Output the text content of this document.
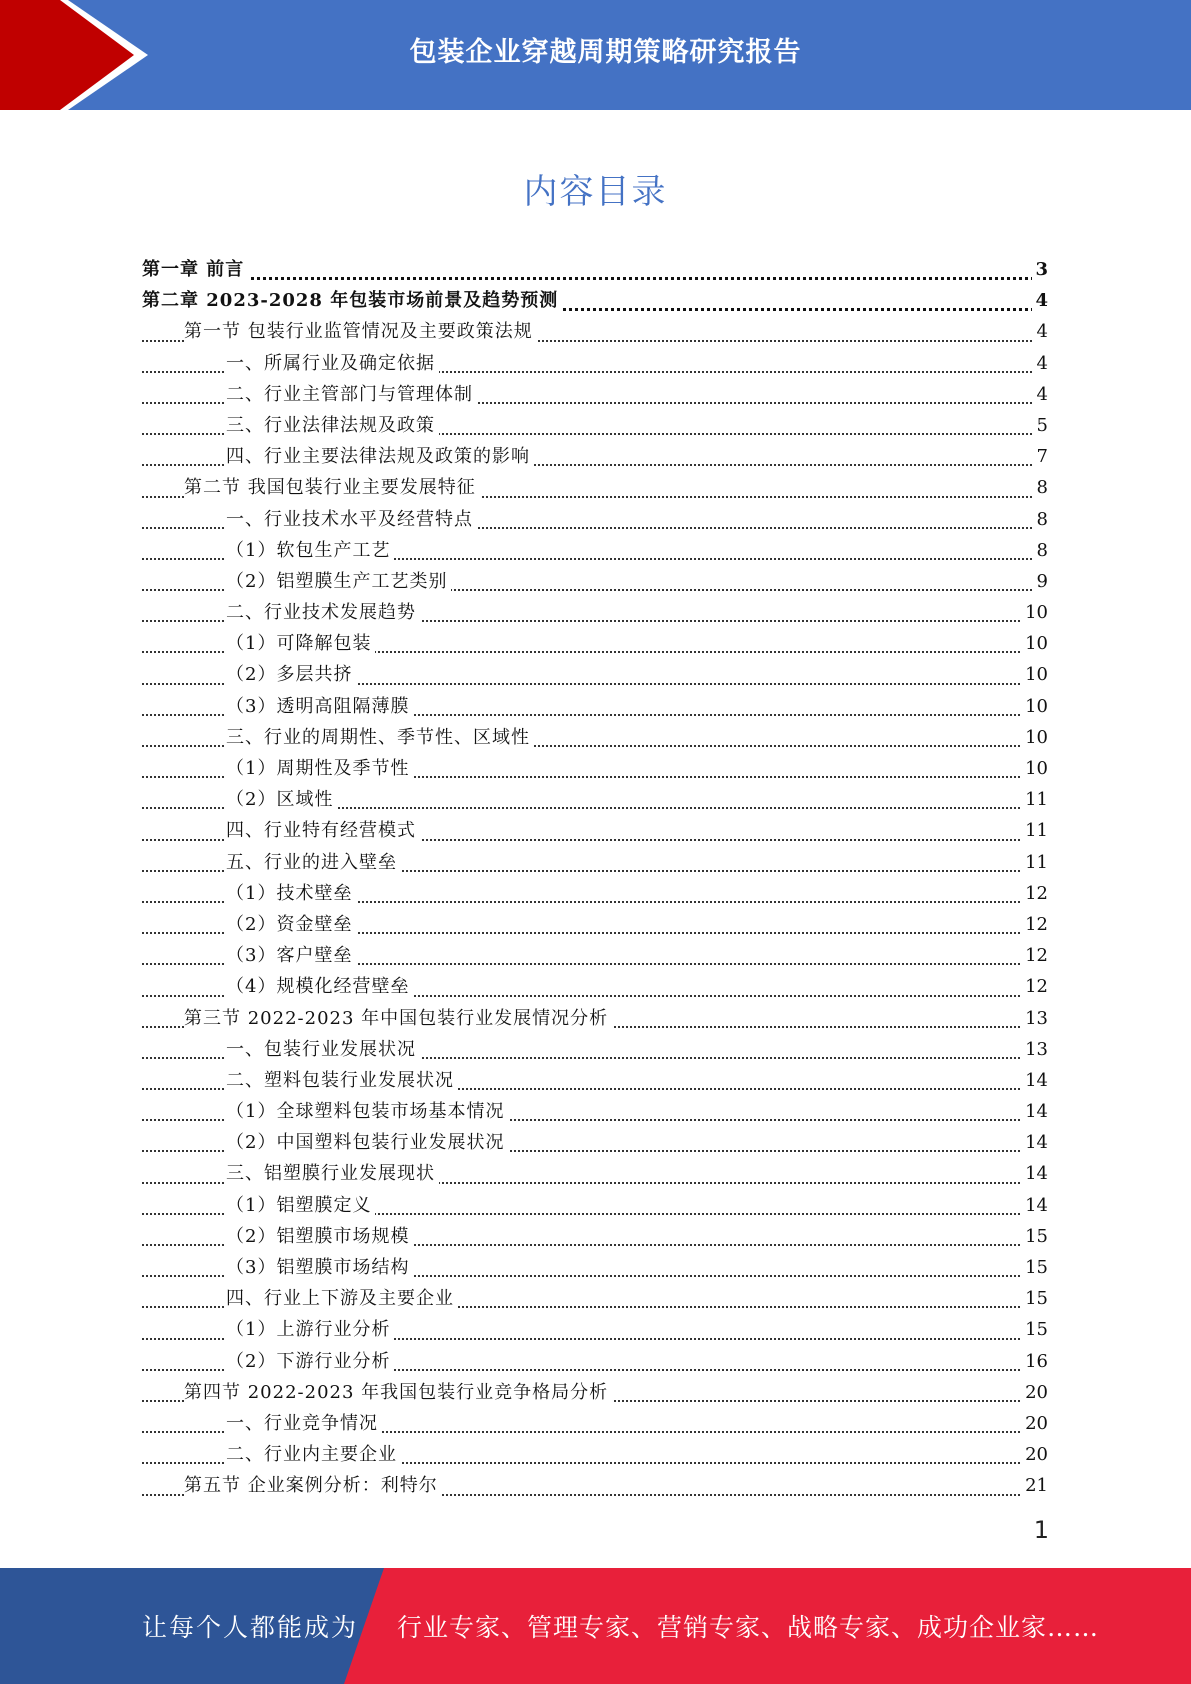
包装企业穿越周期策略研究报告
内容目录
第一章 前言	3
第二章 2023-2028 年包装市场前景及趋势预测	4
第一节 包装行业监管情况及主要政策法规	4
一、所属行业及确定依据	4
二、行业主管部门与管理体制	4
三、行业法律法规及政策	5
四、行业主要法律法规及政策的影响	7
第二节 我国包装行业主要发展特征	8
一、行业技术水平及经营特点	8
（1）软包生产工艺	8
（2）铝塑膜生产工艺类别	9
二、行业技术发展趋势	10
（1）可降解包装	10
（2）多层共挤	10
（3）透明高阻隔薄膜	10
三、行业的周期性、季节性、区域性	10
（1）周期性及季节性	10
（2）区域性	11
四、行业特有经营模式	11
五、行业的进入壁垒	11
（1）技术壁垒	12
（2）资金壁垒	12
（3）客户壁垒	12
（4）规模化经营壁垒	12
第三节 2022-2023 年中国包装行业发展情况分析	13
一、包装行业发展状况	13
二、塑料包装行业发展状况	14
（1）全球塑料包装市场基本情况	14
（2）中国塑料包装行业发展状况	14
三、铝塑膜行业发展现状	14
（1）铝塑膜定义	14
（2）铝塑膜市场规模	15
（3）铝塑膜市场结构	15
四、行业上下游及主要企业	15
（1）上游行业分析	15
（2）下游行业分析	16
第四节 2022-2023 年我国包装行业竞争格局分析	20
一、行业竞争情况	20
二、行业内主要企业	20
第五节 企业案例分析：利特尔	21
1
让每个人都能成为 行业专家、管理专家、营销专家、战略专家、成功企业家……
